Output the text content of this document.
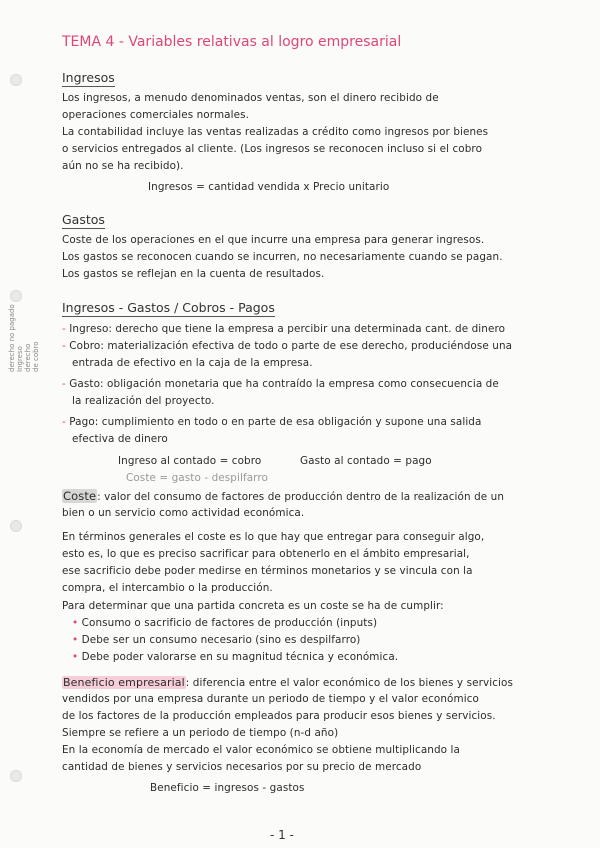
TEMA 4 - Variables relativas al logro empresarial
Ingresos
Los ingresos, a menudo denominados ventas, son el dinero recibido de
operaciones comerciales normales.
La contabilidad incluye las ventas realizadas a crédito como ingresos por bienes
o servicios entregados al cliente. (Los ingresos se reconocen incluso si el cobro
aún no se ha recibido).
Ingresos = cantidad vendida x Precio unitario
Gastos
Coste de los operaciones en el que incurre una empresa para generar ingresos.
Los gastos se reconocen cuando se incurren, no necesariamente cuando se pagan.
Los gastos se reflejan en la cuenta de resultados.
Ingresos - Gastos / Cobros - Pagos
- Ingreso: derecho que tiene la empresa a percibir una determinada cant. de dinero
- Cobro: materialización efectiva de todo o parte de ese derecho, produciéndose una
entrada de efectivo en la caja de la empresa.
- Gasto: obligación monetaria que ha contraído la empresa como consecuencia de
la realización del proyecto.
- Pago: cumplimiento en todo o en parte de esa obligación y supone una salida
efectiva de dinero
Ingreso al contado = cobro	Gasto al contado = pago
Coste = gasto - despilfarro
derecho no pagado Ingreso derecho de cobro
Coste: valor del consumo de factores de producción dentro de la realización de un
bien o un servicio como actividad económica.
En términos generales el coste es lo que hay que entregar para conseguir algo,
esto es, lo que es preciso sacrificar para obtenerlo en el ámbito empresarial,
ese sacrificio debe poder medirse en términos monetarios y se vincula con la
compra, el intercambio o la producción.
Para determinar que una partida concreta es un coste se ha de cumplir:
• Consumo o sacrificio de factores de producción (inputs)
• Debe ser un consumo necesario (sino es despilfarro)
• Debe poder valorarse en su magnitud técnica y económica.
Beneficio empresarial: diferencia entre el valor económico de los bienes y servicios
vendidos por una empresa durante un periodo de tiempo y el valor económico
de los factores de la producción empleados para producir esos bienes y servicios.
Siempre se refiere a un periodo de tiempo (n-d año)
En la economía de mercado el valor económico se obtiene multiplicando la
cantidad de bienes y servicios necesarios por su precio de mercado
Beneficio = ingresos - gastos
- 1 -
